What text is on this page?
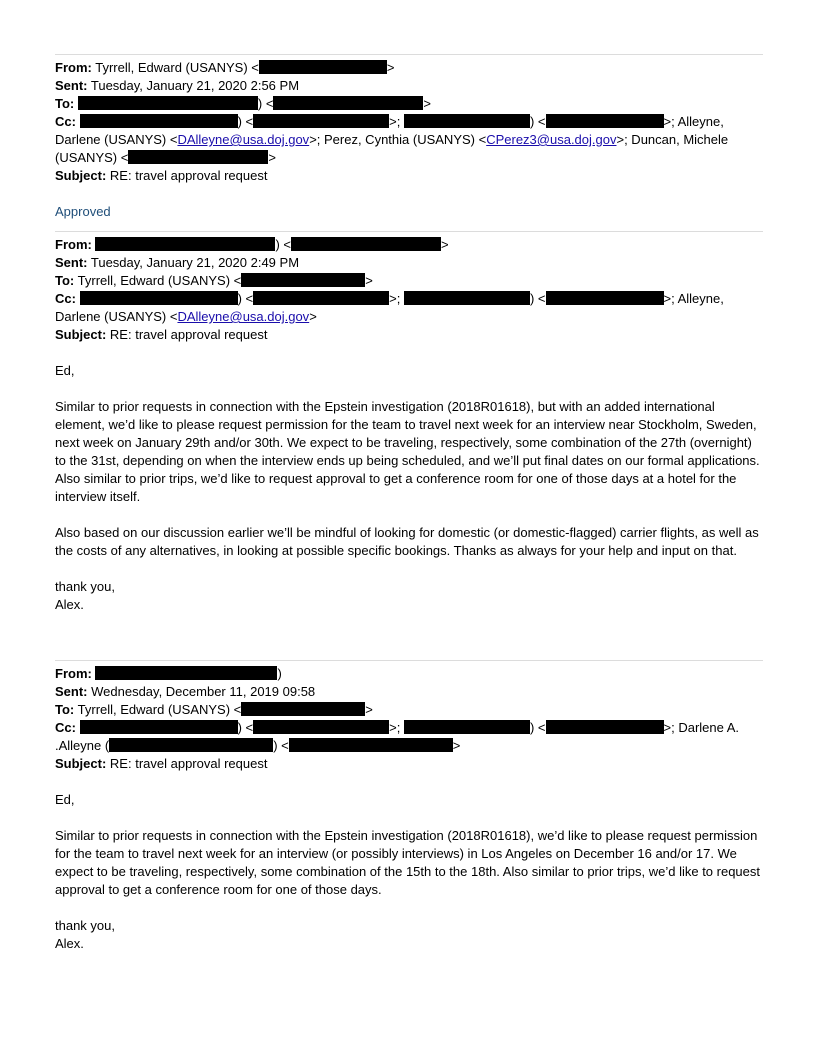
From: Tyrrell, Edward (USANYS) <	>
Sent: Tuesday, January 21, 2020 2:56 PM
To:	) <	>
Cc:	) <	>;	) <	>; Alleyne,
Darlene (USANYS) <DAlleyne@usa.doj.gov>; Perez, Cynthia (USANYS) <CPerez3@usa.doj.gov>; Duncan, Michele
(USANYS) <	>
Subject: RE: travel approval request

Approved

From:	) <	>
Sent: Tuesday, January 21, 2020 2:49 PM
To: Tyrrell, Edward (USANYS) <	>
Cc:	) <	>;	) <	>; Alleyne,
Darlene (USANYS) <DAlleyne@usa.doj.gov>
Subject: RE: travel approval request

Ed,

Similar to prior requests in connection with the Epstein investigation (2018R01618), but with an added international element, we’d like to please request permission for the team to travel next week for an interview near Stockholm, Sweden, next week on January 29th and/or 30th. We expect to be traveling, respectively, some combination of the 27th (overnight) to the 31st, depending on when the interview ends up being scheduled, and we’ll put final dates on our formal applications. Also similar to prior trips, we’d like to request approval to get a conference room for one of those days at a hotel for the interview itself.

Also based on our discussion earlier we’ll be mindful of looking for domestic (or domestic-flagged) carrier flights, as well as the costs of any alternatives, in looking at possible specific bookings. Thanks as always for your help and input on that.

thank you,

Alex.

From:	)
Sent: Wednesday, December 11, 2019 09:58
To: Tyrrell, Edward (USANYS) <	>
Cc:	) <	>;	) <	>; Darlene A.
.Alleyne (	) <	>
Subject: RE: travel approval request

Ed,

Similar to prior requests in connection with the Epstein investigation (2018R01618), we’d like to please request permission for the team to travel next week for an interview (or possibly interviews) in Los Angeles on December 16 and/or 17. We expect to be traveling, respectively, some combination of the 15th to the 18th. Also similar to prior trips, we’d like to request approval to get a conference room for one of those days.

thank you,

Alex.
